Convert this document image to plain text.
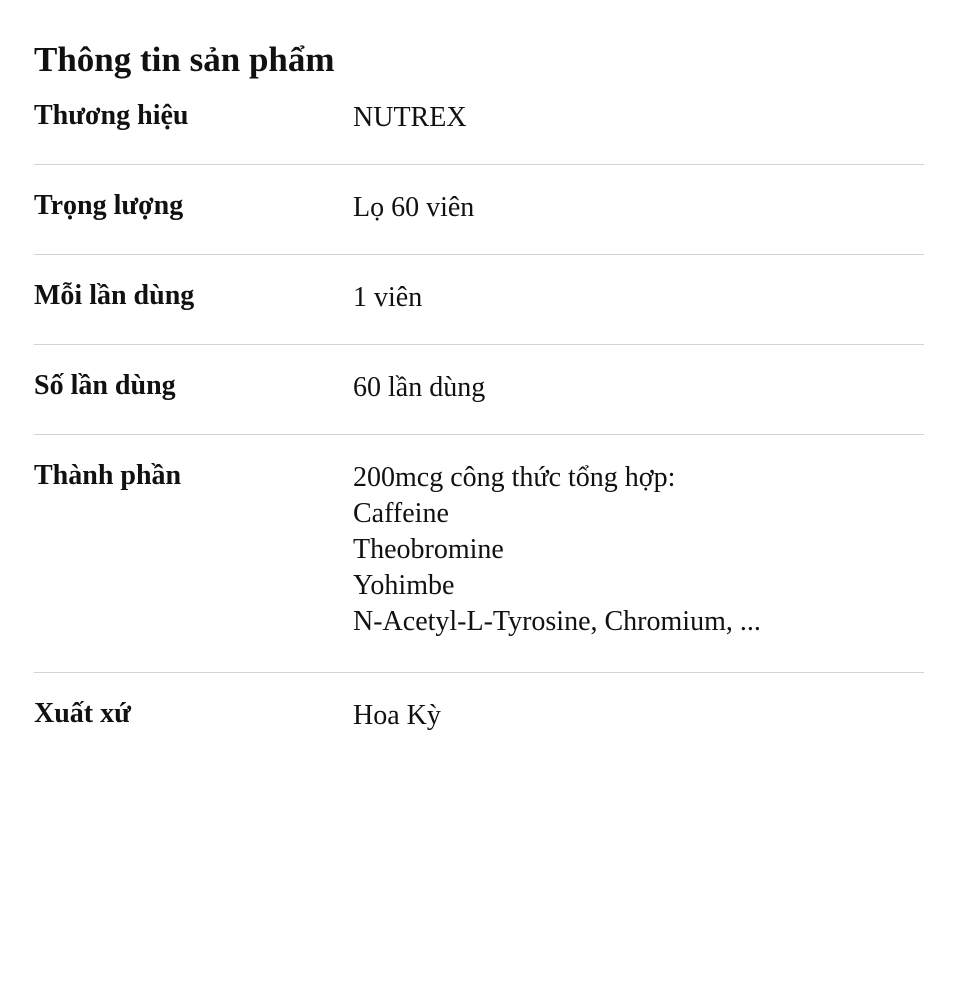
Thông tin sản phẩm
Thương hiệu	NUTREX
Trọng lượng	Lọ 60 viên
Mỗi lần dùng	1 viên
Số lần dùng	60 lần dùng
Thành phần	200mcg công thức tổng hợp:
Caffeine
Theobromine
Yohimbe
N-Acetyl-L-Tyrosine, Chromium, ...
Xuất xứ	Hoa Kỳ
